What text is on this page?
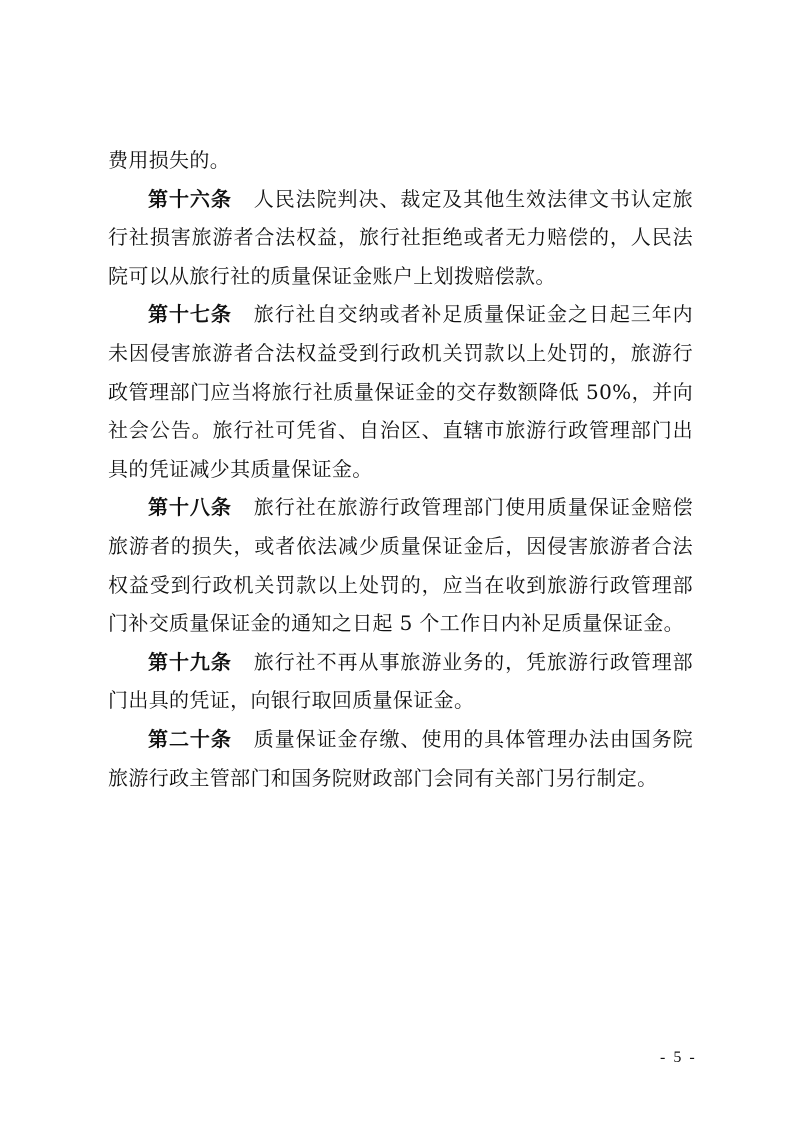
费用损失的。

第十六条 人民法院判决、裁定及其他生效法律文书认定旅行社损害旅游者合法权益，旅行社拒绝或者无力赔偿的，人民法院可以从旅行社的质量保证金账户上划拨赔偿款。

第十七条 旅行社自交纳或者补足质量保证金之日起三年内未因侵害旅游者合法权益受到行政机关罚款以上处罚的，旅游行政管理部门应当将旅行社质量保证金的交存数额降低 50%，并向社会公告。旅行社可凭省、自治区、直辖市旅游行政管理部门出具的凭证减少其质量保证金。

第十八条 旅行社在旅游行政管理部门使用质量保证金赔偿旅游者的损失，或者依法减少质量保证金后，因侵害旅游者合法权益受到行政机关罚款以上处罚的，应当在收到旅游行政管理部门补交质量保证金的通知之日起 5 个工作日内补足质量保证金。

第十九条 旅行社不再从事旅游业务的，凭旅游行政管理部门出具的凭证，向银行取回质量保证金。

第二十条 质量保证金存缴、使用的具体管理办法由国务院旅游行政主管部门和国务院财政部门会同有关部门另行制定。

- 5 -
